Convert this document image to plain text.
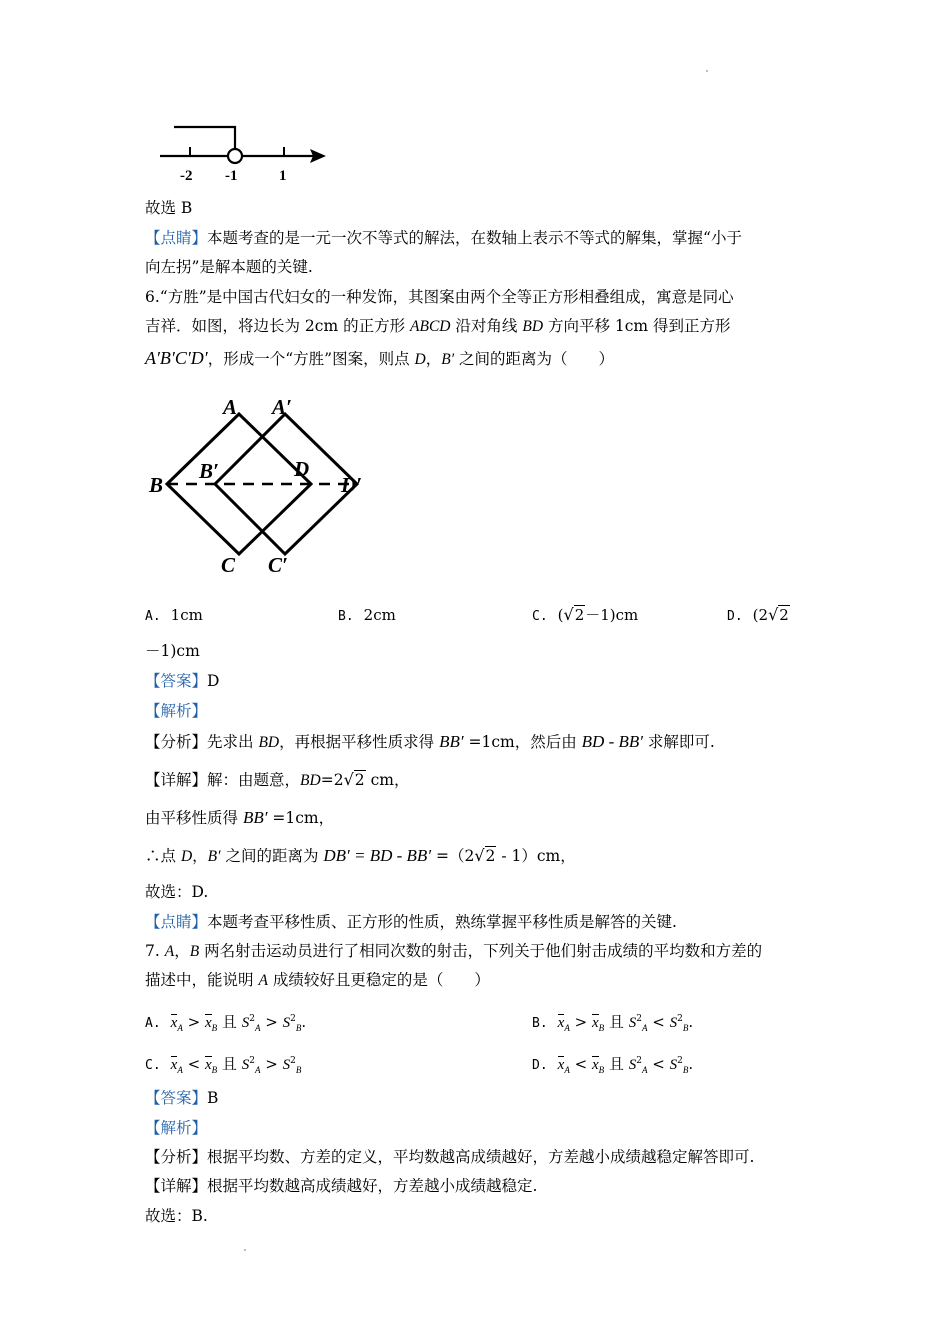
-2 -1	1
故选 B
【点睛】本题考查的是一元一次不等式的解法，在数轴上表示不等式的解集，掌握“小于
向左拐”是解本题的关键.
6.“方胜”是中国古代妇女的一种发饰，其图案由两个全等正方形相叠组成，寓意是同心
吉祥．如图，将边长为 2cm 的正方形 ABCD 沿对角线 BD 方向平移 1cm 得到正方形
A′B′C′D′，形成一个“方胜”图案，则点 D，B′ 之间的距离为（　　）
A A′
B
B′	D
D′
C C′
A. 1cm	B. 2cm	C. (√2－1)cm	D. (2√2
－1)cm
【答案】D
【解析】
【分析】先求出 BD，再根据平移性质求得 BB′ =1cm，然后由 BD - BB′ 求解即可.
【详解】解：由题意，BD=2√2 cm，
由平移性质得 BB′ =1cm，
∴点 D，B′ 之间的距离为 DB′ = BD - BB′ =（2√2 - 1）cm，
故选：D.
【点睛】本题考查平移性质、正方形的性质，熟练掌握平移性质是解答的关键.
7. A，B 两名射击运动员进行了相同次数的射击，下列关于他们射击成绩的平均数和方差的
描述中，能说明 A 成绩较好且更稳定的是（　　）
A. $x_A > x_B$ 且 $S^2_A > S^2_B$.	B. $x_A > x_B$ 且 $S^2_A < S^2_B$.
C. $x_A < x_B$ 且 $S^2_A > S^2_B$	D. $x_A < x_B$ 且 $S^2_A < S^2_B$.
【答案】B
【解析】
【分析】根据平均数、方差的定义，平均数越高成绩越好，方差越小成绩越稳定解答即可.
【详解】根据平均数越高成绩越好，方差越小成绩越稳定.
故选：B.
